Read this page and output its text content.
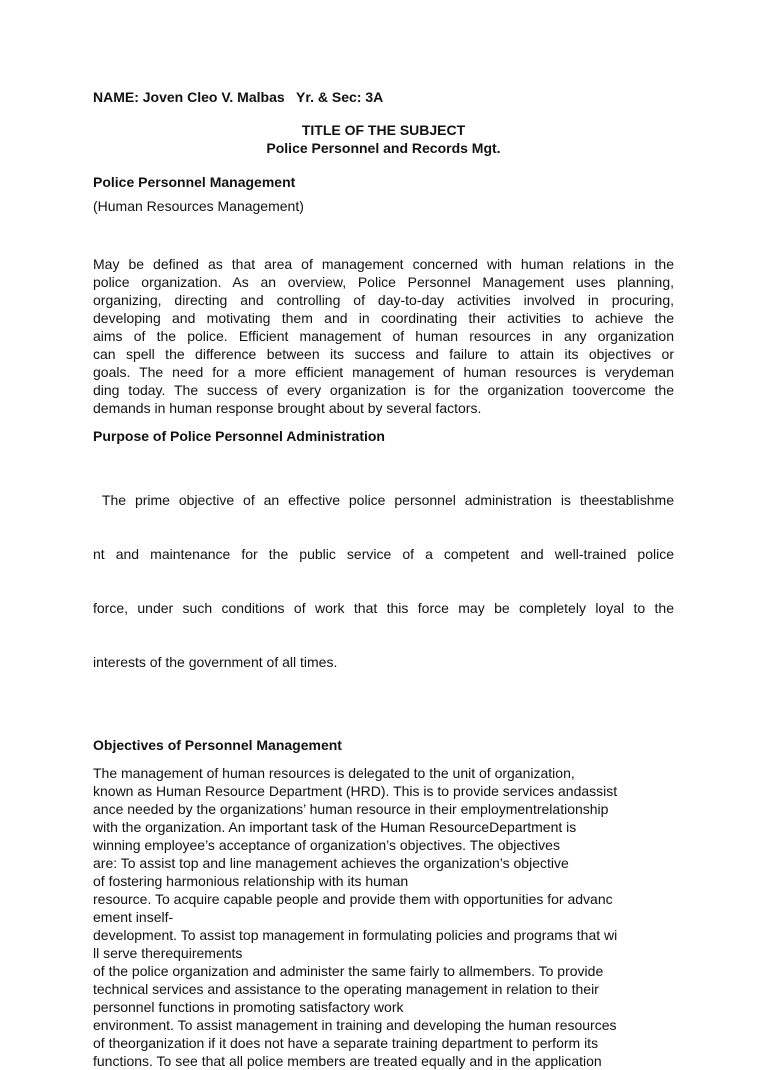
NAME: Joven Cleo V. Malbas   Yr. & Sec: 3A
TITLE OF THE SUBJECT
Police Personnel and Records Mgt.
Police Personnel Management

(Human Resources Management)

May be defined as that area of management concerned with human relations in the
police organization. As an overview, Police Personnel Management uses planning,
organizing, directing and controlling of day-to-day activities involved in procuring,
developing and motivating them and in coordinating their activities to achieve the
aims of the police. Efficient management of human resources in any organization
can spell the difference between its success and failure to attain its objectives or
goals. The need for a more efficient management of human resources is verydeman
ding today. The success of every organization is for the organization toovercome the
demands in human response brought about by several factors.
Purpose of Police Personnel Administration

The prime objective of an effective police personnel administration is theestablishme

nt and maintenance for the public service of a competent and well-trained police

force, under such conditions of work that this force may be completely loyal to the

interests of the government of all times.

Objectives of Personnel Management
The management of human resources is delegated to the unit of organization,
known as Human Resource Department (HRD). This is to provide services andassist
ance needed by the organizations’ human resource in their employmentrelationship
with the organization. An important task of the Human ResourceDepartment is
winning employee’s acceptance of organization’s objectives. The objectives
are: To assist top and line management achieves the organization’s objective
of fostering harmonious relationship with its human
resource. To acquire capable people and provide them with opportunities for advanc
ement inself-
development. To assist top management in formulating policies and programs that wi
ll serve therequirements
of the police organization and administer the same fairly to allmembers. To provide
technical services and assistance to the operating management in relation to their
personnel functions in promoting satisfactory work
environment. To assist management in training and developing the human resources
of theorganization if it does not have a separate training department to perform its
functions. To see that all police members are treated equally and in the application
